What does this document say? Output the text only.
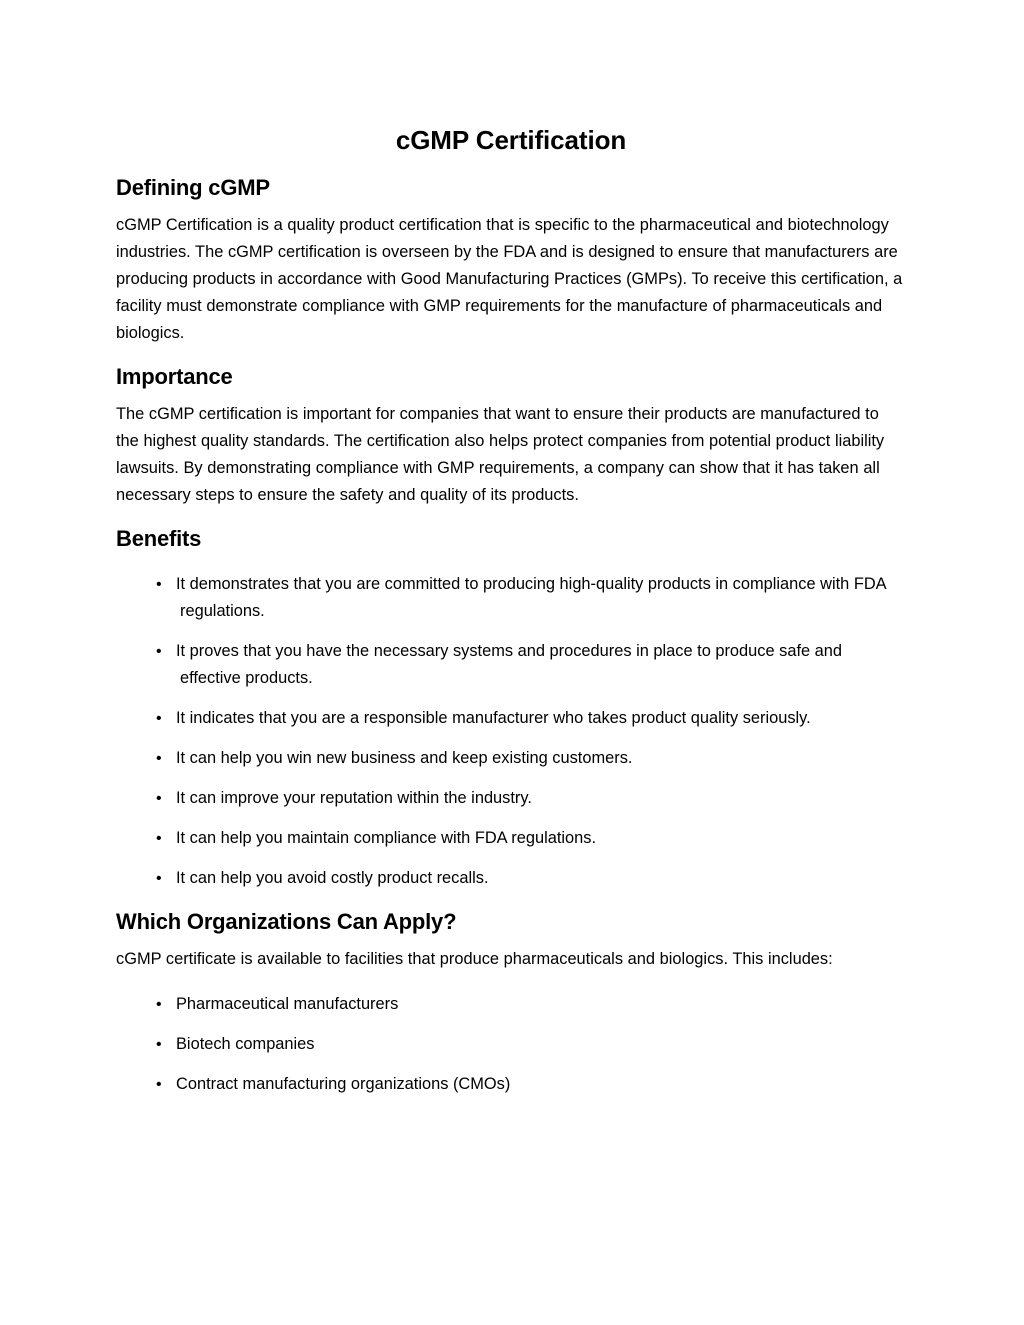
cGMP Certification
Defining cGMP

cGMP Certification is a quality product certification that is specific to the pharmaceutical and biotechnology industries. The cGMP certification is overseen by the FDA and is designed to ensure that manufacturers are producing products in accordance with Good Manufacturing Practices (GMPs). To receive this certification, a facility must demonstrate compliance with GMP requirements for the manufacture of pharmaceuticals and biologics.

Importance

The cGMP certification is important for companies that want to ensure their products are manufactured to the highest quality standards. The certification also helps protect companies from potential product liability lawsuits. By demonstrating compliance with GMP requirements, a company can show that it has taken all necessary steps to ensure the safety and quality of its products.

Benefits
• It demonstrates that you are committed to producing high-quality products in compliance with FDA regulations.
• It proves that you have the necessary systems and procedures in place to produce safe and effective products.
• It indicates that you are a responsible manufacturer who takes product quality seriously.
• It can help you win new business and keep existing customers.
• It can improve your reputation within the industry.
• It can help you maintain compliance with FDA regulations.
• It can help you avoid costly product recalls.
Which Organizations Can Apply?

cGMP certificate is available to facilities that produce pharmaceuticals and biologics. This includes:

• Pharmaceutical manufacturers
• Biotech companies
• Contract manufacturing organizations (CMOs)
